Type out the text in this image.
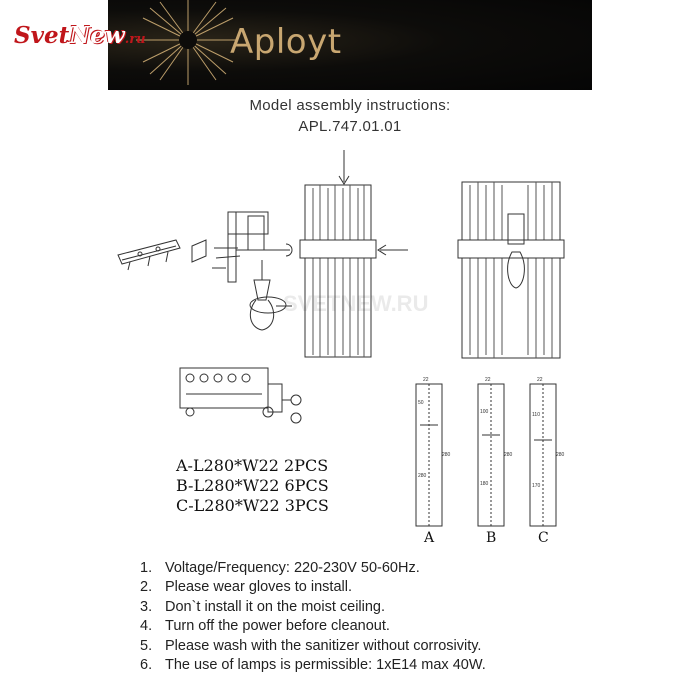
Aployt
SvetNew.ru
Model assembly instructions:
APL.747.01.01
22	22	22
50
100	110
280
180	170
280	280	280
A	B	C
SVETNEW.RU
A-L280*W22 2PCS
B-L280*W22 6PCS
C-L280*W22 3PCS
1. Voltage/Frequency: 220-230V 50-60Hz.
2. Please wear gloves to install.
3. Don`t install it on the moist ceiling.
4. Turn off the power before cleanout.
5. Please wash with the sanitizer without corrosivity.
6. The use of lamps is permissible: 1xE14 max 40W.
